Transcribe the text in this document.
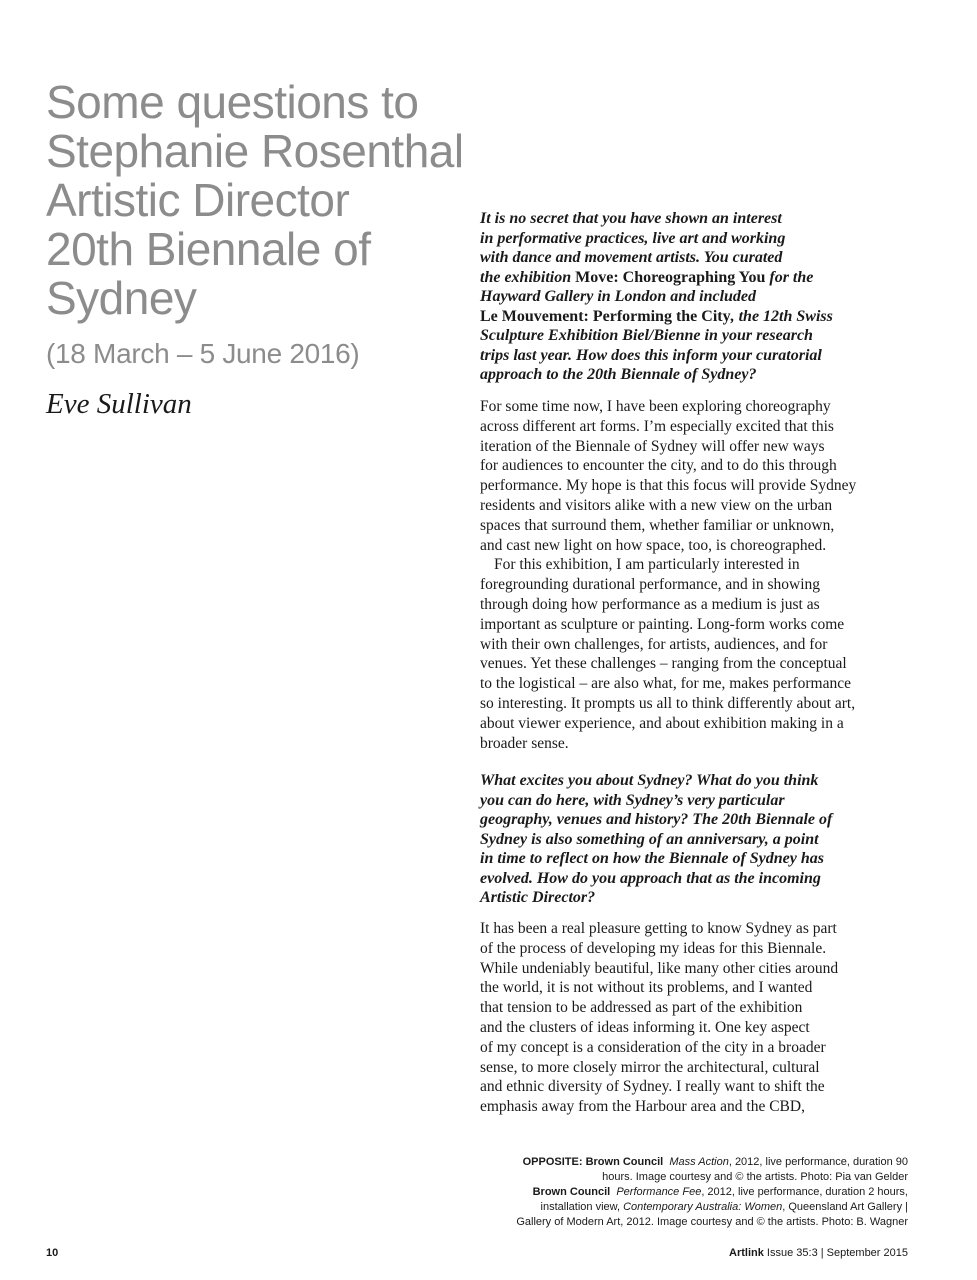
Some questions to
Stephanie Rosenthal
Artistic Director
20th Biennale of
Sydney
(18 March – 5 June 2016)
Eve Sullivan
It is no secret that you have shown an interest
in performative practices, live art and working
with dance and movement artists. You curated
the exhibition Move: Choreographing You for the
Hayward Gallery in London and included
Le Mouvement: Performing the City, the 12th Swiss
Sculpture Exhibition Biel/Bienne in your research
trips last year. How does this inform your curatorial
approach to the 20th Biennale of Sydney?
For some time now, I have been exploring choreography
across different art forms. I’m especially excited that this
iteration of the Biennale of Sydney will offer new ways
for audiences to encounter the city, and to do this through
performance. My hope is that this focus will provide Sydney
residents and visitors alike with a new view on the urban
spaces that surround them, whether familiar or unknown,
and cast new light on how space, too, is choreographed.
For this exhibition, I am particularly interested in
foregrounding durational performance, and in showing
through doing how performance as a medium is just as
important as sculpture or painting. Long-form works come
with their own challenges, for artists, audiences, and for
venues. Yet these challenges – ranging from the conceptual
to the logistical – are also what, for me, makes performance
so interesting. It prompts us all to think differently about art,
about viewer experience, and about exhibition making in a
broader sense.
What excites you about Sydney? What do you think
you can do here, with Sydney’s very particular
geography, venues and history? The 20th Biennale of
Sydney is also something of an anniversary, a point
in time to reflect on how the Biennale of Sydney has
evolved. How do you approach that as the incoming
Artistic Director?
It has been a real pleasure getting to know Sydney as part
of the process of developing my ideas for this Biennale.
While undeniably beautiful, like many other cities around
the world, it is not without its problems, and I wanted
that tension to be addressed as part of the exhibition
and the clusters of ideas informing it. One key aspect
of my concept is a consideration of the city in a broader
sense, to more closely mirror the architectural, cultural
and ethnic diversity of Sydney. I really want to shift the
emphasis away from the Harbour area and the CBD,
OPPOSITE: Brown Council Mass Action, 2012, live performance, duration 90
hours. Image courtesy and © the artists. Photo: Pia van Gelder
Brown Council Performance Fee, 2012, live performance, duration 2 hours,
installation view, Contemporary Australia: Women, Queensland Art Gallery |
Gallery of Modern Art, 2012. Image courtesy and © the artists. Photo: B. Wagner
10	Artlink Issue 35:3 | September 2015
